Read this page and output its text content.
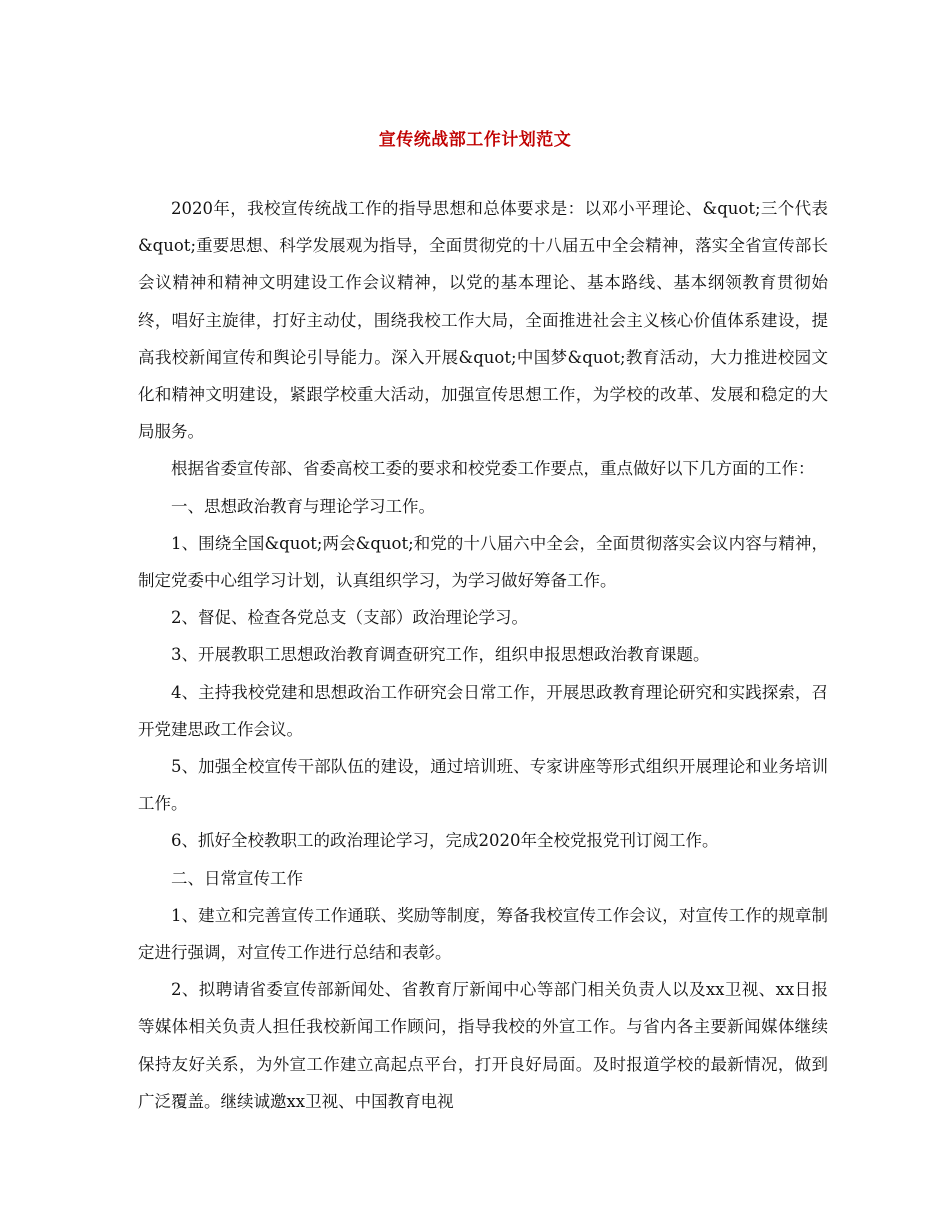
宣传统战部工作计划范文

2020年，我校宣传统战工作的指导思想和总体要求是：以邓小平理论、&quot;三个代表&quot;重要思想、科学发展观为指导，全面贯彻党的十八届五中全会精神，落实全省宣传部长会议精神和精神文明建设工作会议精神，以党的基本理论、基本路线、基本纲领教育贯彻始终，唱好主旋律，打好主动仗，围绕我校工作大局，全面推进社会主义核心价值体系建设，提高我校新闻宣传和舆论引导能力。深入开展&quot;中国梦&quot;教育活动，大力推进校园文化和精神文明建设，紧跟学校重大活动，加强宣传思想工作，为学校的改革、发展和稳定的大局服务。

根据省委宣传部、省委高校工委的要求和校党委工作要点，重点做好以下几方面的工作：

一、思想政治教育与理论学习工作。

1、围绕全国&quot;两会&quot;和党的十八届六中全会，全面贯彻落实会议内容与精神，制定党委中心组学习计划，认真组织学习，为学习做好筹备工作。

2、督促、检查各党总支（支部）政治理论学习。

3、开展教职工思想政治教育调查研究工作，组织申报思想政治教育课题。

4、主持我校党建和思想政治工作研究会日常工作，开展思政教育理论研究和实践探索，召开党建思政工作会议。

5、加强全校宣传干部队伍的建设，通过培训班、专家讲座等形式组织开展理论和业务培训工作。

6、抓好全校教职工的政治理论学习，完成2020年全校党报党刊订阅工作。

二、日常宣传工作

1、建立和完善宣传工作通联、奖励等制度，筹备我校宣传工作会议，对宣传工作的规章制定进行强调，对宣传工作进行总结和表彰。

2、拟聘请省委宣传部新闻处、省教育厅新闻中心等部门相关负责人以及xx卫视、xx日报等媒体相关负责人担任我校新闻工作顾问，指导我校的外宣工作。与省内各主要新闻媒体继续保持友好关系，为外宣工作建立高起点平台，打开良好局面。及时报道学校的最新情况，做到广泛覆盖。继续诚邀xx卫视、中国教育电视
